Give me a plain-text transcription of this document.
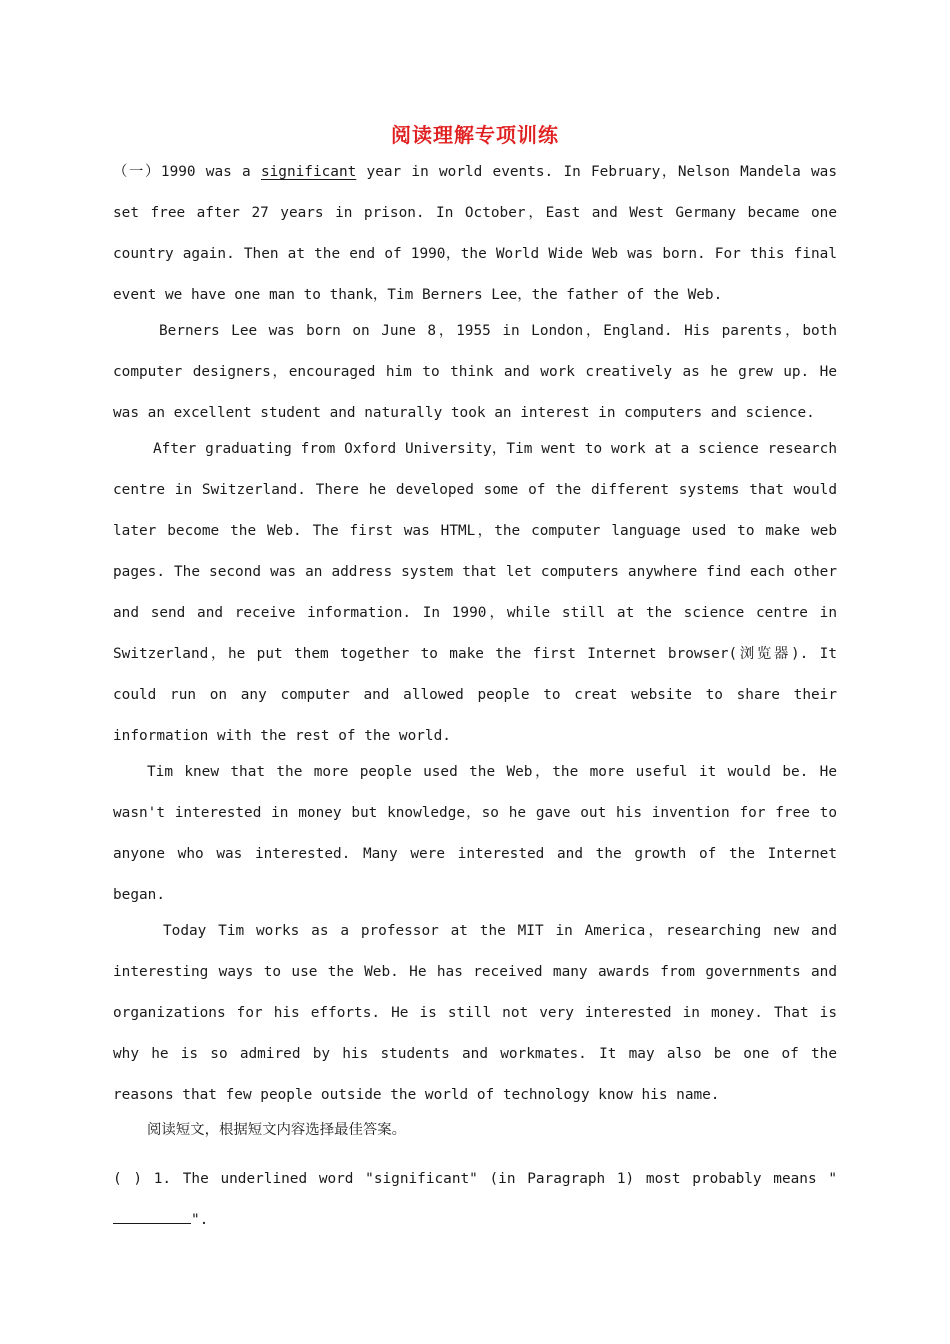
阅读理解专项训练

（一）1990 was a significant year in world events. In February，Nelson Mandela was set free after 27 years in prison. In October，East and West Germany became one country again. Then at the end of 1990，the World Wide Web was born. For this final event we have one man to thank，Tim Berners Lee，the father of the Web.

Berners Lee was born on June 8，1955 in London，England. His parents，both computer designers，encouraged him to think and work creatively as he grew up. He was an excellent student and naturally took an interest in computers and science.

After graduating from Oxford University，Tim went to work at a science research centre in Switzerland. There he developed some of the different systems that would later become the Web. The first was HTML，the computer language used to make web pages. The second was an address system that let computers anywhere find each other and send and receive information. In 1990，while still at the science centre in Switzerland，he put them together to make the first Internet browser(浏览器). It could run on any computer and allowed people to creat website to share their information with the rest of the world.

Tim knew that the more people used the Web，the more useful it would be. He wasn't interested in money but knowledge，so he gave out his invention for free to anyone who was interested. Many were interested and the growth of the Internet began.

Today Tim works as a professor at the MIT in America，researching new and interesting ways to use the Web. He has received many awards from governments and organizations for his efforts. He is still not very interested in money. That is why he is so admired by his students and workmates. It may also be one of the reasons that few people outside the world of technology know his name.

阅读短文，根据短文内容选择最佳答案。

( ) 1. The underlined word "significant" (in Paragraph 1) most probably means "".
